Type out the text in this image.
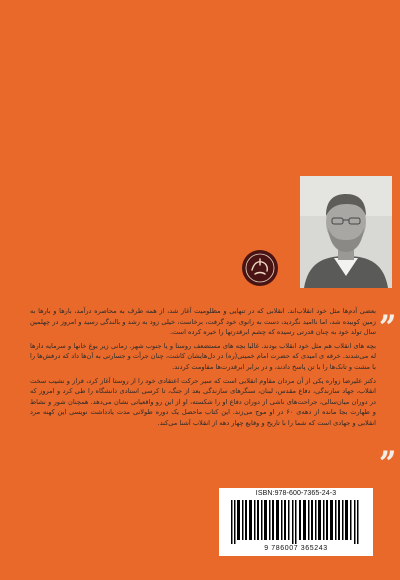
,,

بعضی آدم‌ها مثل خود انقلاب‌اند. انقلابی که در تنهایی و مظلومیت آغاز شد، از همه طرف به محاصره درآمد، بارها و بارها به زمین کوبیده شد، اما ناامید نگردید، دست به زانوی خود گرفت، برخاست، خیلی زود به رشد و بالندگی رسید و امروز در چهلمین سال تولد خود به چنان قدرتی رسیده که چشم ابرقدرتها را خیره کرده است.

بچه های انقلاب هم مثل خود انقلاب بودند. غالبا بچه های مستضعف روستا و یا جنوب شهر. زمانی زیر یوغ خانها و سرمایه دارها له می‌شدند. خرقه ی امیدی که حضرت امام خمینی(ره) در دل‌هایشان کاشت، چنان جرأت و جسارتی به آن‌ها داد که درفش‌ها را با مشت و تانک‌ها را با تن پاسخ دادند، و در برابر ابرقدرت‌ها مقاومت کردند.

دکتر علیرضا زواره یکی از آن مردان مقاوم انقلابی است که سیر حرکت اعتقادی خود را از روستا آغاز کرد، فراز و نشیب سخت انقلاب، جهاد سازندگی، دفاع مقدس، لبنان، سنگرهای سازندگی بعد از جنگ، تا کرسی استادی دانشگاه را طی کرد و امروز که در دوران میان‌سالی، جراحت‌های ناشی از دوران دفاع او را شکسته، او از این رو واقعیاتی نشان می‌دهد. همچنان شور و نشاط و طهارت بجا مانده از دهه‌ی ۶۰ در او موج می‌زند. این کتاب ماحصل یک دوره طولانی مدت یادداشت نویسی این کهنه مرد انقلابی و جهادی است که شما را با تاریخ و وقایع چهار دهه از انقلاب آشنا می‌کند.

,,
ISBN:978-600-7365-24-3
9 786007 365243
